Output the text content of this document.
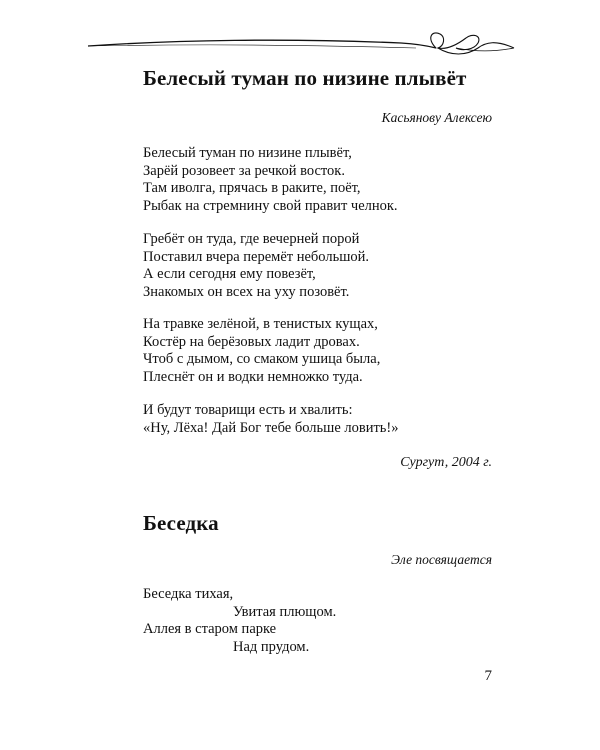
Белесый туман по низине плывёт
Касьянову Алексею

Белесый туман по низине плывёт,
Зарёй розовеет за речкой восток.
Там иволга, прячась в раките, поёт,
Рыбак на стремнину свой правит челнок.

Гребёт он туда, где вечерней порой
Поставил вчера перемёт небольшой.
А если сегодня ему повезёт,
Знакомых он всех на уху позовёт.

На травке зелёной, в тенистых кущах,
Костёр на берёзовых ладит дровах.
Чтоб с дымом, со смаком ушица была,
Плеснёт он и водки немножко туда.

И будут товарищи есть и хвалить:
«Ну, Лёха! Дай Бог тебе больше ловить!»

Сургут, 2004 г.
Беседка
Эле посвящается

Беседка тихая,
Увитая плющом.
Аллея в старом парке
Над прудом.

7
